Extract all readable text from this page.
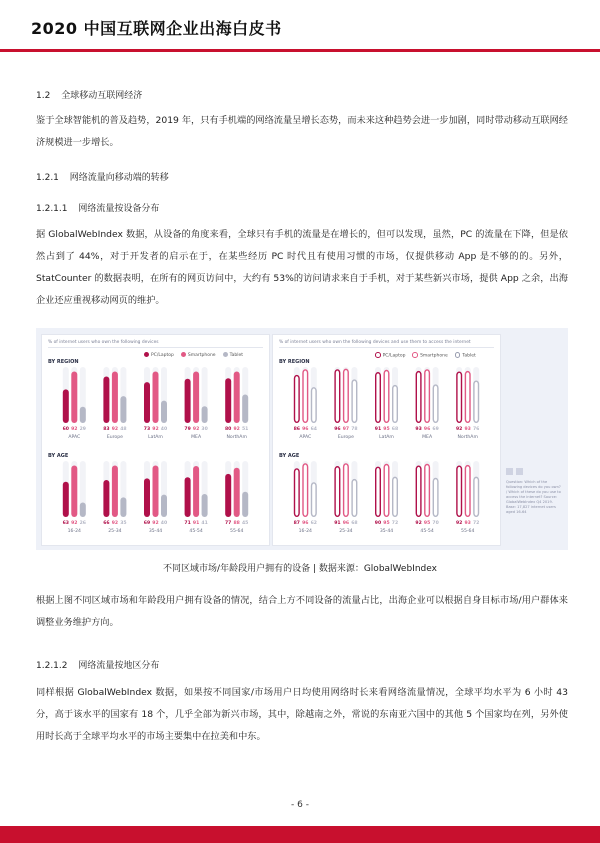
2020 中国互联网企业出海白皮书
1.2 全球移动互联网经济

鉴于全球智能机的普及趋势，2019 年，只有手机端的网络流量呈增长态势，而未来这种趋势会进一步加剧，同时带动移动互联网经济规模进一步增长。

1.2.1 网络流量向移动端的转移
1.2.1.1 网络流量按设备分布

据 GlobalWebIndex 数据，从设备的角度来看，全球只有手机的流量是在增长的，但可以发现，虽然，PC 的流量在下降，但是依然占到了 44%，对于开发者的启示在于，在某些经历 PC 时代且有使用习惯的市场，仅提供移动 App 是不够的的。另外，StatCounter 的数据表明，在所有的网页访问中，大约有 53%的访问请求来自于手机，对于某些新兴市场，提供 App 之余，出海企业还应重视移动网页的维护。

% of internet users who own the following devices
PC/Laptop	Smartphone	Tablet
BY REGION
60 92 29
APAC
83 92 48
Europe
73 92 40
LatAm
79 92 30
MEA
80 92 51
NorthAm
BY AGE
63 92 26
16-24
66 92 35
25-34
69 92 40
35-44
71 91 41
45-54
77 88 45
55-64
% of internet users who own the following devices and use them to access the internet
PC/Laptop	Smartphone	Tablet
BY REGION
86 96 64
APAC
96 97 78
Europe
91 95 68
LatAm
93 96 69
MEA
92 93 76
NorthAm
BY AGE
87 96 62
16-24
91 96 68
25-34
90 95 72
35-44
92 95 70
45-54
92 93 72
55-64
Question: Which of the following devices do you own? / Which of these do you use to access the internet? Source: GlobalWebIndex Q4 2019. Base: 17,827 internet users aged 16-64
不同区域市场/年龄段用户拥有的设备 | 数据来源：GlobalWebIndex

根据上图不同区域市场和年龄段用户拥有设备的情况，结合上方不同设备的流量占比，出海企业可以根据自身目标市场/用户群体来调整业务维护方向。

1.2.1.2 网络流量按地区分布

同样根据 GlobalWebIndex 数据，如果按不同国家/市场用户日均使用网络时长来看网络流量情况，全球平均水平为 6 小时 43 分，高于该水平的国家有 18 个，几乎全部为新兴市场，其中，除越南之外，常说的东南亚六国中的其他 5 个国家均在列，另外使用时长高于全球平均水平的市场主要集中在拉美和中东。

- 6 -
